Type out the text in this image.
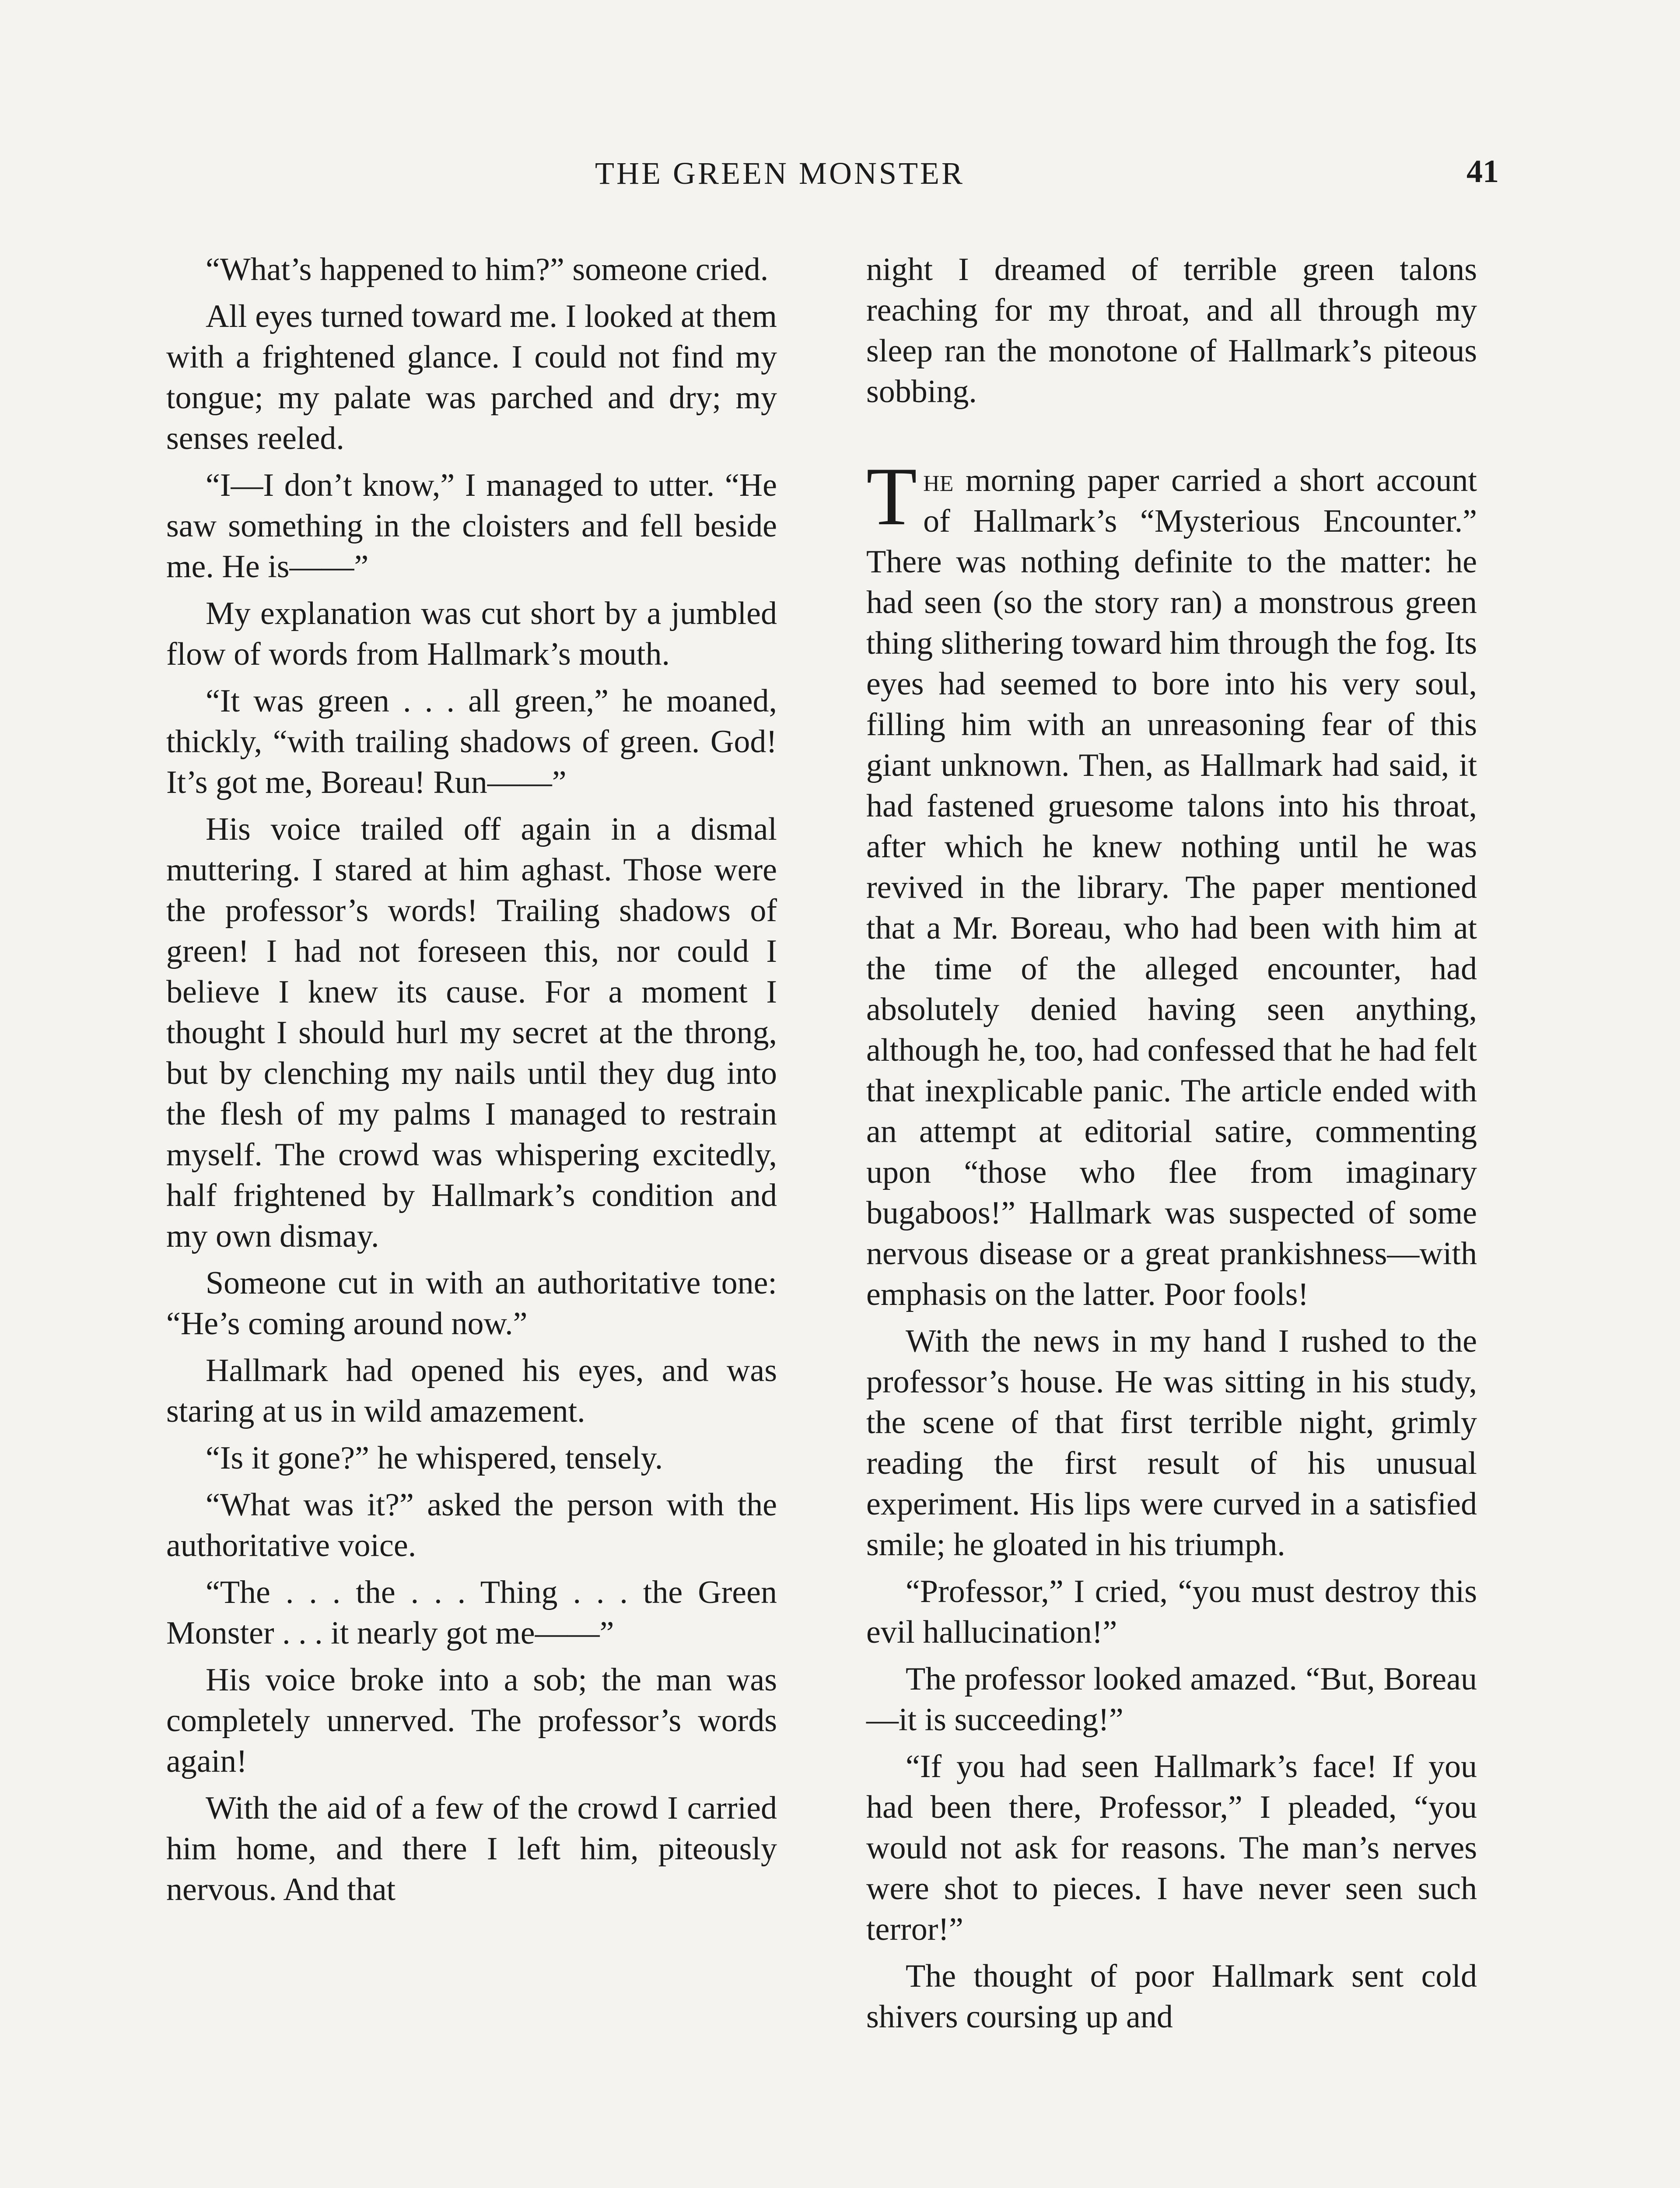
THE GREEN MONSTER	41

“What’s happened to him?” someone cried.

All eyes turned toward me. I looked at them with a frightened glance. I could not find my tongue; my palate was parched and dry; my senses reeled.

“I—I don’t know,” I managed to utter. “He saw something in the cloisters and fell beside me. He is——”

My explanation was cut short by a jumbled flow of words from Hallmark’s mouth.

“It was green . . . all green,” he moaned, thickly, “with trailing shadows of green. God! It’s got me, Boreau! Run——”

His voice trailed off again in a dismal muttering. I stared at him aghast. Those were the professor’s words! Trailing shadows of green! I had not foreseen this, nor could I believe I knew its cause. For a moment I thought I should hurl my secret at the throng, but by clenching my nails until they dug into the flesh of my palms I managed to restrain myself. The crowd was whispering excitedly, half frightened by Hallmark’s condition and my own dismay.

Someone cut in with an authoritative tone: “He’s coming around now.”

Hallmark had opened his eyes, and was staring at us in wild amazement.

“Is it gone?” he whispered, tensely.

“What was it?” asked the person with the authoritative voice.

“The . . . the . . . Thing . . . the Green Monster . . . it nearly got me——”

His voice broke into a sob; the man was completely unnerved. The professor’s words again!

With the aid of a few of the crowd I carried him home, and there I left him, piteously nervous. And that

night I dreamed of terrible green talons reaching for my throat, and all through my sleep ran the monotone of Hallmark’s piteous sobbing.

The morning paper carried a short account of Hallmark’s “Mysterious Encounter.” There was nothing definite to the matter: he had seen (so the story ran) a monstrous green thing slithering toward him through the fog. Its eyes had seemed to bore into his very soul, filling him with an unreasoning fear of this giant unknown. Then, as Hallmark had said, it had fastened gruesome talons into his throat, after which he knew nothing until he was revived in the library. The paper mentioned that a Mr. Boreau, who had been with him at the time of the alleged encounter, had absolutely denied having seen anything, although he, too, had confessed that he had felt that inexplicable panic. The article ended with an attempt at editorial satire, commenting upon “those who flee from imaginary bugaboos!” Hallmark was suspected of some nervous disease or a great prankishness—with emphasis on the latter. Poor fools!

With the news in my hand I rushed to the professor’s house. He was sitting in his study, the scene of that first terrible night, grimly reading the first result of his unusual experiment. His lips were curved in a satisfied smile; he gloated in his triumph.

“Professor,” I cried, “you must destroy this evil hallucination!”

The professor looked amazed. “But, Boreau—it is succeeding!”

“If you had seen Hallmark’s face! If you had been there, Professor,” I pleaded, “you would not ask for reasons. The man’s nerves were shot to pieces. I have never seen such terror!”

The thought of poor Hallmark sent cold shivers coursing up and
